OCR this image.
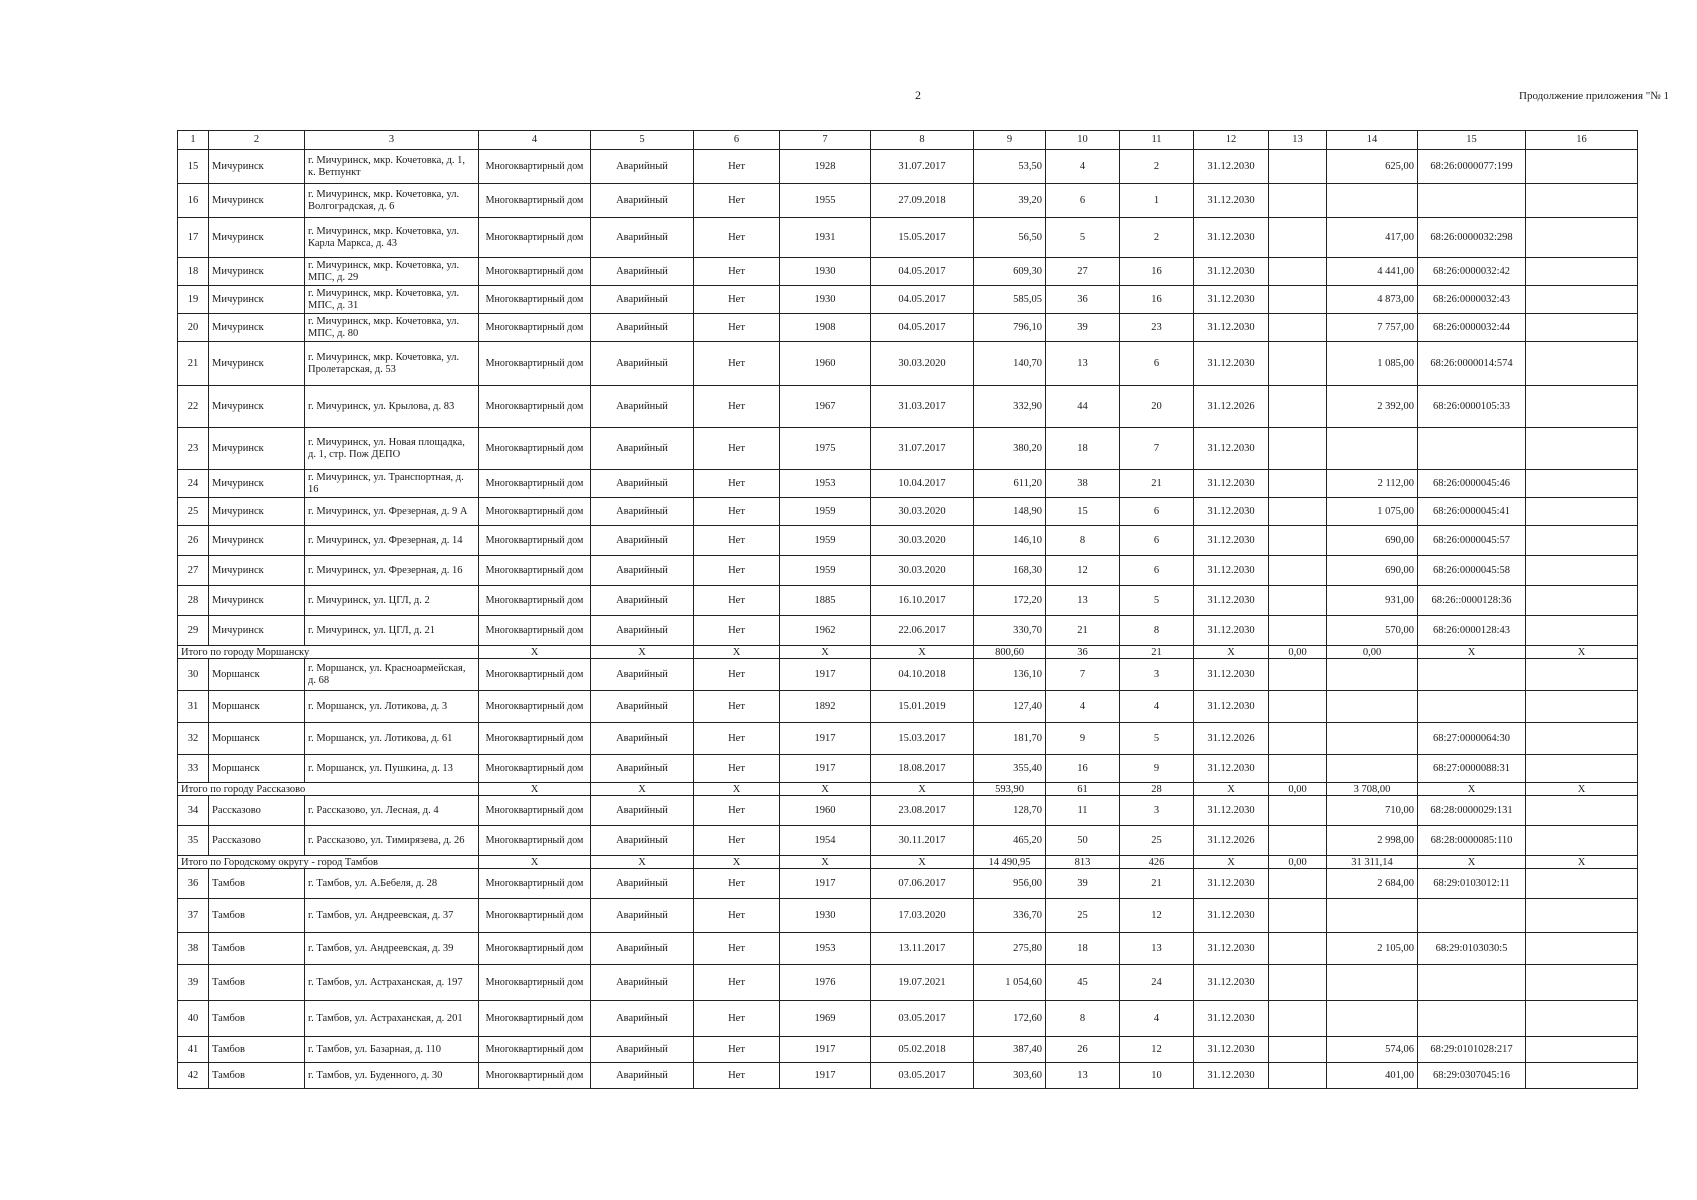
2	Продолжение приложения "№ 1
1	2	3	4	5	6	7	8	9	10	11	12	13	14	15	16
15	Мичуринск	г. Мичуринск, мкр. Кочетовка, д. 1, к. Ветпункт	Многоквартирный дом	Аварийный	Нет	1928	31.07.2017	53,50	4	2	31.12.2030		625,00	68:26:0000077:199	
16	Мичуринск	г. Мичуринск, мкр. Кочетовка, ул. Волгоградская, д. 6	Многоквартирный дом	Аварийный	Нет	1955	27.09.2018	39,20	6	1	31.12.2030				
17	Мичуринск	г. Мичуринск, мкр. Кочетовка, ул. Карла Маркса, д. 43	Многоквартирный дом	Аварийный	Нет	1931	15.05.2017	56,50	5	2	31.12.2030		417,00	68:26:0000032:298	
18	Мичуринск	г. Мичуринск, мкр. Кочетовка, ул. МПС, д. 29	Многоквартирный дом	Аварийный	Нет	1930	04.05.2017	609,30	27	16	31.12.2030		4 441,00	68:26:0000032:42	
19	Мичуринск	г. Мичуринск, мкр. Кочетовка, ул. МПС, д. 31	Многоквартирный дом	Аварийный	Нет	1930	04.05.2017	585,05	36	16	31.12.2030		4 873,00	68:26:0000032:43	
20	Мичуринск	г. Мичуринск, мкр. Кочетовка, ул. МПС, д. 80	Многоквартирный дом	Аварийный	Нет	1908	04.05.2017	796,10	39	23	31.12.2030		7 757,00	68:26:0000032:44	
21	Мичуринск	г. Мичуринск, мкр. Кочетовка, ул. Пролетарская, д. 53	Многоквартирный дом	Аварийный	Нет	1960	30.03.2020	140,70	13	6	31.12.2030		1 085,00	68:26:0000014:574	
22	Мичуринск	г. Мичуринск, ул. Крылова, д. 83	Многоквартирный дом	Аварийный	Нет	1967	31.03.2017	332,90	44	20	31.12.2026		2 392,00	68:26:0000105:33	
23	Мичуринск	г. Мичуринск, ул. Новая площадка, д. 1, стр. Пож ДЕПО	Многоквартирный дом	Аварийный	Нет	1975	31.07.2017	380,20	18	7	31.12.2030				
24	Мичуринск	г. Мичуринск, ул. Транспортная, д. 16	Многоквартирный дом	Аварийный	Нет	1953	10.04.2017	611,20	38	21	31.12.2030		2 112,00	68:26:0000045:46	
25	Мичуринск	г. Мичуринск, ул. Фрезерная, д. 9 А	Многоквартирный дом	Аварийный	Нет	1959	30.03.2020	148,90	15	6	31.12.2030		1 075,00	68:26:0000045:41	
26	Мичуринск	г. Мичуринск, ул. Фрезерная, д. 14	Многоквартирный дом	Аварийный	Нет	1959	30.03.2020	146,10	8	6	31.12.2030		690,00	68:26:0000045:57	
27	Мичуринск	г. Мичуринск, ул. Фрезерная, д. 16	Многоквартирный дом	Аварийный	Нет	1959	30.03.2020	168,30	12	6	31.12.2030		690,00	68:26:0000045:58	
28	Мичуринск	г. Мичуринск, ул. ЦГЛ, д. 2	Многоквартирный дом	Аварийный	Нет	1885	16.10.2017	172,20	13	5	31.12.2030		931,00	68:26::0000128:36	
29	Мичуринск	г. Мичуринск, ул. ЦГЛ, д. 21	Многоквартирный дом	Аварийный	Нет	1962	22.06.2017	330,70	21	8	31.12.2030		570,00	68:26:0000128:43	
Итого по городу Моршанску			X	X	X	X	X	800,60	36	21	X	0,00	0,00	X	X
30	Моршанск	г. Моршанск, ул. Красноармейская, д. 68	Многоквартирный дом	Аварийный	Нет	1917	04.10.2018	136,10	7	3	31.12.2030				
31	Моршанск	г. Моршанск, ул. Лотикова, д. 3	Многоквартирный дом	Аварийный	Нет	1892	15.01.2019	127,40	4	4	31.12.2030				
32	Моршанск	г. Моршанск, ул. Лотикова, д. 61	Многоквартирный дом	Аварийный	Нет	1917	15.03.2017	181,70	9	5	31.12.2026			68:27:0000064:30	
33	Моршанск	г. Моршанск, ул. Пушкина, д. 13	Многоквартирный дом	Аварийный	Нет	1917	18.08.2017	355,40	16	9	31.12.2030			68:27:0000088:31	
Итого по городу Рассказово			X	X	X	X	X	593,90	61	28	X	0,00	3 708,00	X	X
34	Рассказово	г. Рассказово, ул. Лесная, д. 4	Многоквартирный дом	Аварийный	Нет	1960	23.08.2017	128,70	11	3	31.12.2030		710,00	68:28:0000029:131	
35	Рассказово	г. Рассказово, ул. Тимирязева, д. 26	Многоквартирный дом	Аварийный	Нет	1954	30.11.2017	465,20	50	25	31.12.2026		2 998,00	68:28:0000085:110	
Итого по Городскому округу - город Тамбов			X	X	X	X	X	14 490,95	813	426	X	0,00	31 311,14	X	X
36	Тамбов	г. Тамбов, ул. А.Бебеля, д. 28	Многоквартирный дом	Аварийный	Нет	1917	07.06.2017	956,00	39	21	31.12.2030		2 684,00	68:29:0103012:11	
37	Тамбов	г. Тамбов, ул. Андреевская, д. 37	Многоквартирный дом	Аварийный	Нет	1930	17.03.2020	336,70	25	12	31.12.2030				
38	Тамбов	г. Тамбов, ул. Андреевская, д. 39	Многоквартирный дом	Аварийный	Нет	1953	13.11.2017	275,80	18	13	31.12.2030		2 105,00	68:29:0103030:5	
39	Тамбов	г. Тамбов, ул. Астраханская, д. 197	Многоквартирный дом	Аварийный	Нет	1976	19.07.2021	1 054,60	45	24	31.12.2030				
40	Тамбов	г. Тамбов, ул. Астраханская, д. 201	Многоквартирный дом	Аварийный	Нет	1969	03.05.2017	172,60	8	4	31.12.2030				
41	Тамбов	г. Тамбов, ул. Базарная, д. 110	Многоквартирный дом	Аварийный	Нет	1917	05.02.2018	387,40	26	12	31.12.2030		574,06	68:29:0101028:217	
42	Тамбов	г. Тамбов, ул. Буденного, д. 30	Многоквартирный дом	Аварийный	Нет	1917	03.05.2017	303,60	13	10	31.12.2030		401,00	68:29:0307045:16	
